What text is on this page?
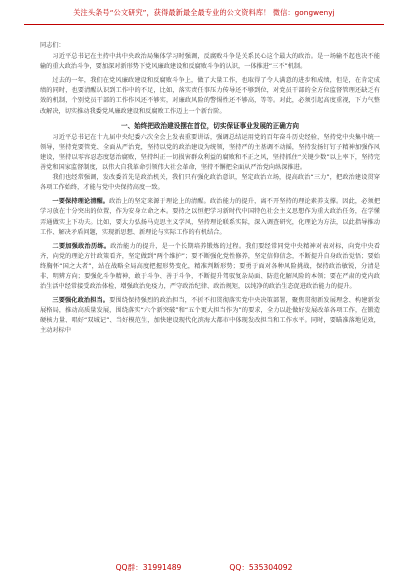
关注头条号“公文研究”，获得最新最全最专业的公文资料库！ 微信：gongwenyj

同志们：

习近平总书记在主持中共中央政治局集体学习时强调，反腐败斗争是关系民心这个最大的政治。是一场输不起也决不能输的重大政治斗争，要加深对新形势下党风廉政建设和反腐败斗争的认识，一体推进“三不”机制。

过去的一年，我们在党风廉政建设和反腐败斗争上，做了大量工作，也取得了令人满意的进步和成绩，但是，在肯定成绩的同时，也要清醒认识到工作中的不足，比如，落实责任事压力传导还不够到位，对党员干部的全方位监督管理还缺乏有效的机制，个别党员干部的工作作风还不够实，对廉政风险的警惕性还不够高，等等。对此，必须引起高度重视，下力气整改解决，切实推动我委党风廉政建设和反腐败工作迈上一个新台阶。

一、始终把政治建设摆在首位，切实保证事业发展的正确方向

习近平总书记在十九届中央纪委六次全会上发表重要讲话，强调总结运用党的百年奋斗历史经验，坚持党中央集中统一领导，坚持党要管党、全面从严治党，坚持以党的政治建设为统领，坚持严的主基调不动摇，坚持发扬钉钉子精神加强作风建设，坚持以零容忍态度惩治腐败，坚持纠正一切损害群众利益的腐败和不正之风，坚持抓住“关键少数”以上率下，坚持完善党和国家监督制度，以伟大自我革命引领伟大社会革命，坚持不懈把全面从严治党向纵深推进。

我们也经常强调，发改委首先是政治机关，我们只有强化政治意识，坚定政治立场，提高政治“三力”，把政治建设贯穿各项工作始终，才能与党中央保持高度一致。

一要保持理论清醒。政治上的坚定来源于理论上的清醒。政治能力的提升，离不开坚持的理论素养支撑。因此，必须把学习放在十分突出的位置，作为安身立命之本。要持之以恒把学习新时代中国特色社会主义思想作为重大政治任务，在学懂弄通做实上下功夫。比如，要大力弘扬马克思主义学风，坚持理论联系实际，深入调查研究，化理论为方法，以此指导推动工作、解决矛盾问题，实现新思想、新理论与实际工作的有机结合。

二要加强政治历练。政治能力的提升，是一个长期培养锻炼的过程。我们要经常同党中央精神对表对标，向党中央看齐，向党的理论方针政策看齐，坚定做到“两个维护”；要不断强化党性修养，坚定信仰信念，不断提升自身政治觉悟；要始终胸怀“国之大者”，站在战略全局高度把握形势变化，精准判断形势；要勇于面对各种风险挑战，保持政治敏锐，分清是非、明辨方向；要强化斗争精神，敢于斗争、善于斗争，不断提升驾驭复杂局面、防范化解风险的本领；要在严肃的党内政治生活中经常接受政治体检，增强政治免疫力，严守政治纪律、政治规矩，以纯净的政治生态促进政治能力的提升。

三要强化政治担当。要围绕保持强烈的政治担当，不折不扣贯彻落实党中央决策部署，聚焦贯彻新发展理念、构建新发展格局，推动高质量发展，围绕落实“六个新突破”和“五个更大担当作为”的要求，全力以赴做好发展改革各项工作，在锻造硬核力量、唱好“双城记”、当好模范生，加快建设现代化滨海大都市中体现发改担当和工作水平。同时，要瞄准落地见效，主动对标中

QQ群：31991489	QQ：535304092
